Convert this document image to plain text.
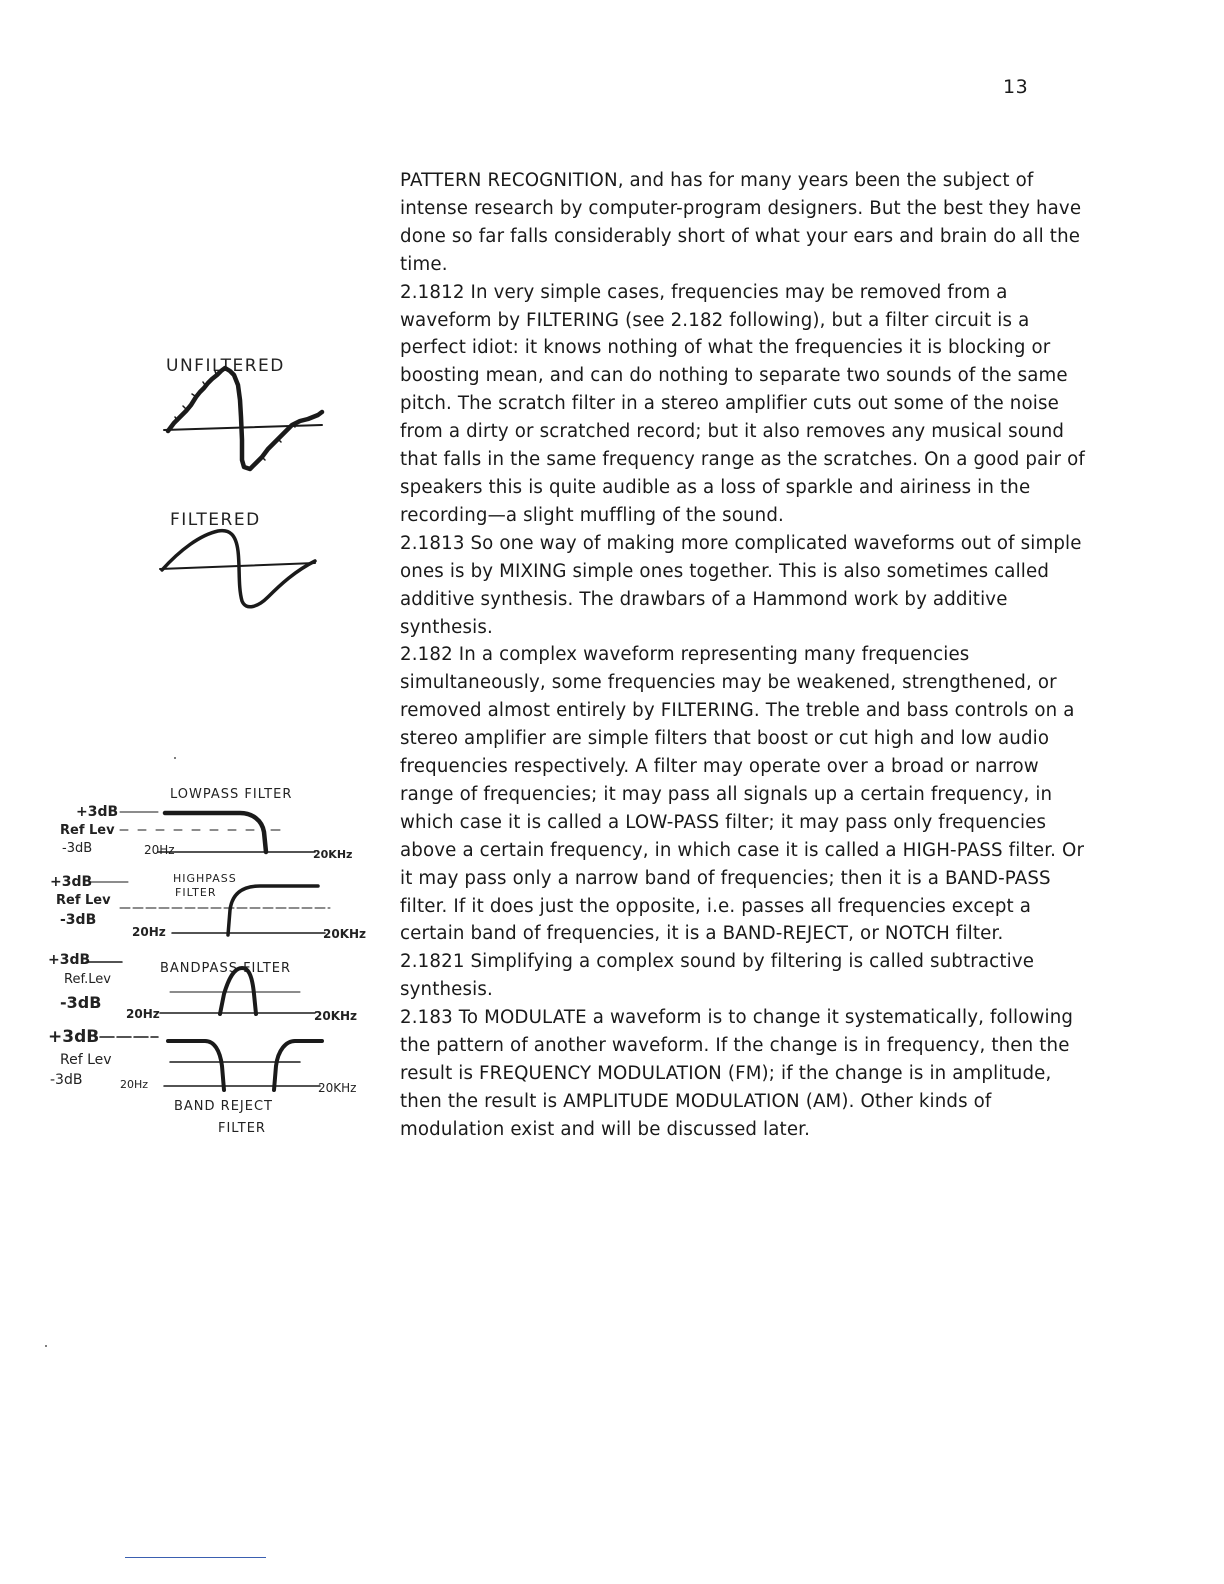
13

PATTERN RECOGNITION, and has for many years been the subject of intense research by computer-program designers. But the best they have done so far falls considerably short of what your ears and brain do all the time.

2.1812 In very simple cases, frequencies may be removed from a waveform by FILTERING (see 2.182 following), but a filter circuit is a perfect idiot: it knows nothing of what the frequencies it is blocking or boosting mean, and can do nothing to separate two sounds of the same pitch. The scratch filter in a stereo amplifier cuts out some of the noise from a dirty or scratched record; but it also removes any musical sound that falls in the same frequency range as the scratches. On a good pair of speakers this is quite audible as a loss of sparkle and airiness in the recording—a slight muffling of the sound.

2.1813 So one way of making more complicated waveforms out of simple ones is by MIXING simple ones together. This is also sometimes called additive synthesis. The drawbars of a Hammond work by additive synthesis.

2.182 In a complex waveform representing many frequencies simultaneously, some frequencies may be weakened, strengthened, or removed almost entirely by FILTERING. The treble and bass controls on a stereo amplifier are simple filters that boost or cut high and low audio frequencies respectively. A filter may operate over a broad or narrow range of frequencies; it may pass all signals up a certain frequency, in which case it is called a LOW-PASS filter; it may pass only frequencies above a certain frequency, in which case it is called a HIGH-PASS filter. Or it may pass only a narrow band of frequencies; then it is a BAND-PASS filter. If it does just the opposite, i.e. passes all frequencies except a certain band of frequencies, it is a BAND-REJECT, or NOTCH filter.

2.1821 Simplifying a complex sound by filtering is called subtractive synthesis.

2.183 To MODULATE a waveform is to change it systematically, following the pattern of another waveform. If the change is in frequency, then the result is FREQUENCY MODULATION (FM); if the change is in amplitude, then the result is AMPLITUDE MODULATION (AM). Other kinds of modulation exist and will be discussed later.

UNFILTERED
FILTERED
LOWPASS FILTER
+3dB
Ref Lev
-3dB	20Hz	20KHz
HIGHPASS
FILTER
+3dB
Ref Lev
-3dB
20Hz	20KHz
BANDPASS FILTER
+3dB
Ref.Lev
-3dB
20Hz	20KHz
+3dB
Ref Lev
-3dB	20Hz	20KHz
BAND REJECT
FILTER
